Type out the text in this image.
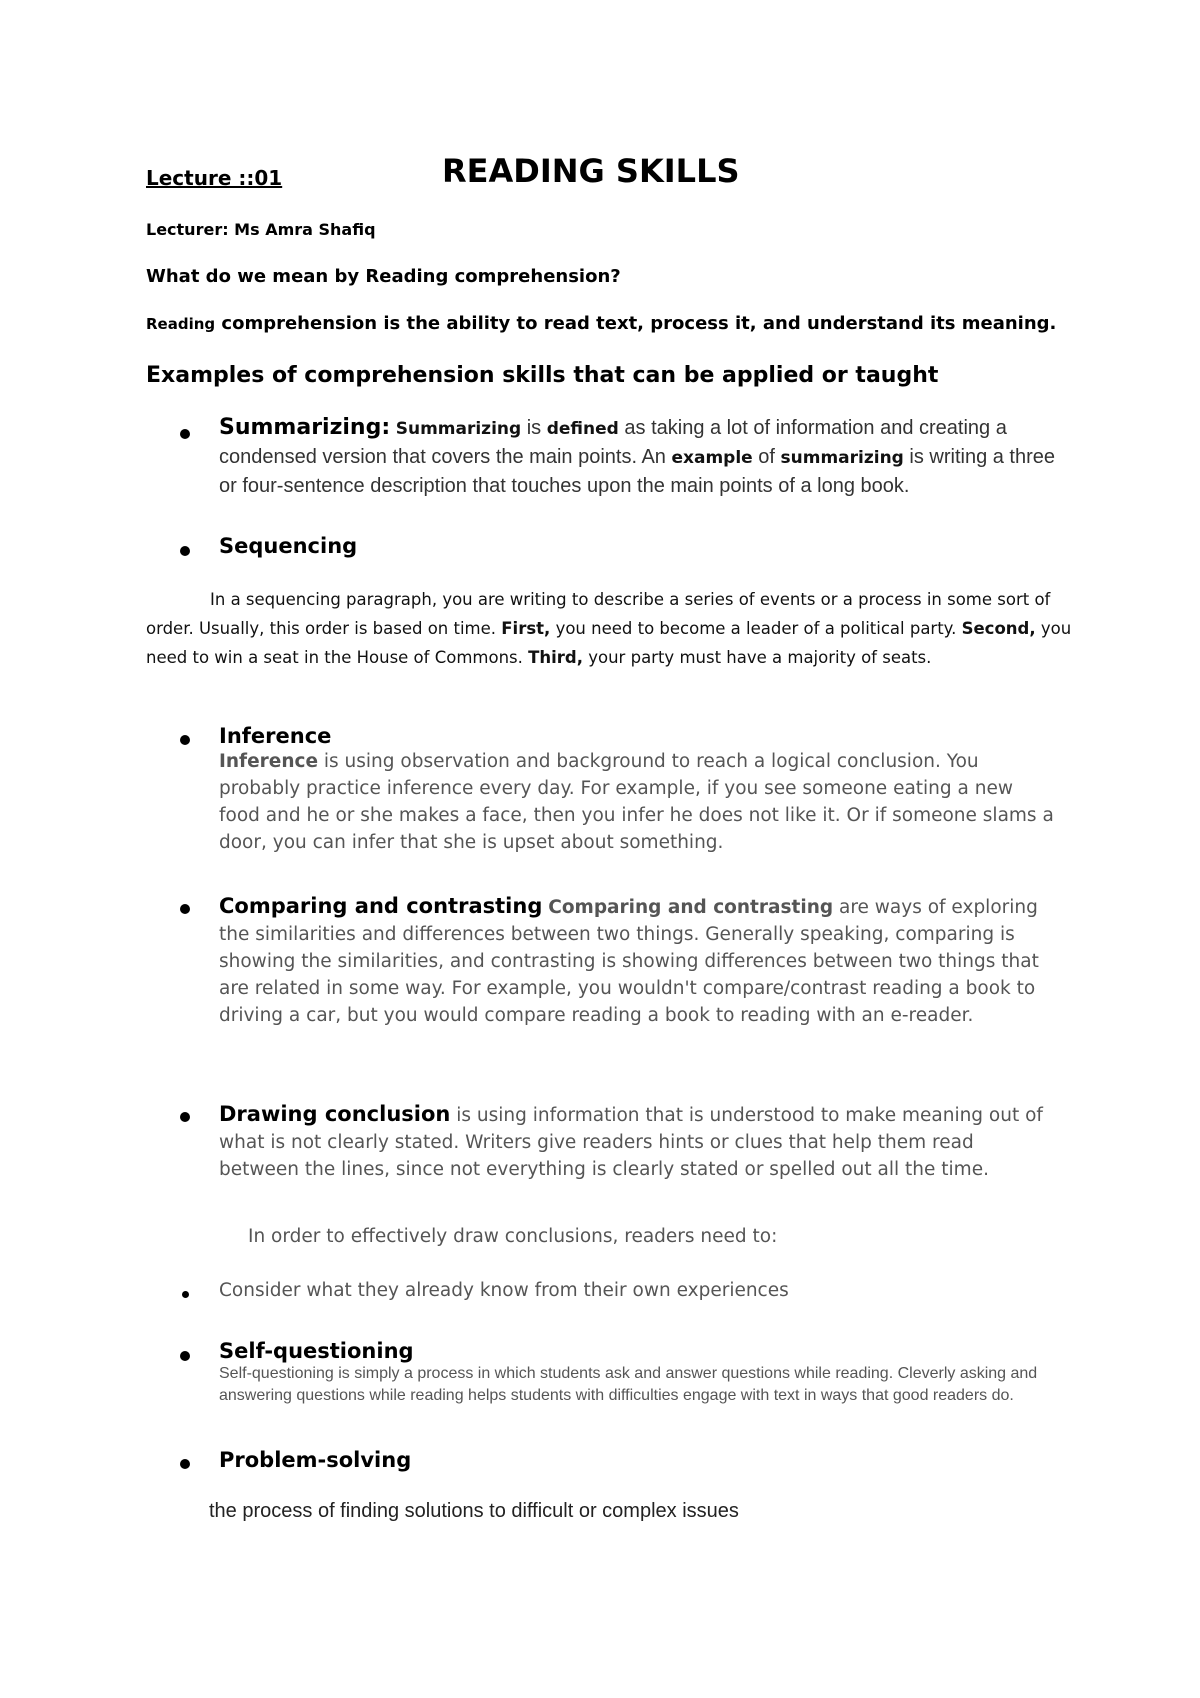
Lecture ::01	READING SKILLS
Lecturer: Ms Amra Shafiq
What do we mean by Reading comprehension?
Reading comprehension is the ability to read text, process it, and understand its meaning.
Examples of comprehension skills that can be applied or taught

Summarizing: Summarizing is defined as taking a lot of information and creating a condensed version that covers the main points. An example of summarizing is writing a three or four-sentence description that touches upon the main points of a long book.

Sequencing
In a sequencing paragraph, you are writing to describe a series of events or a process in some sort of order. Usually, this order is based on time. First, you need to become a leader of a political party. Second, you need to win a seat in the House of Commons. Third, your party must have a majority of seats.
Inference

Inference is using observation and background to reach a logical conclusion. You probably practice inference every day. For example, if you see someone eating a new food and he or she makes a face, then you infer he does not like it. Or if someone slams a door, you can infer that she is upset about something.

Comparing and contrasting Comparing and contrasting are ways of exploring the similarities and differences between two things. Generally speaking, comparing is showing the similarities, and contrasting is showing differences between two things that are related in some way. For example, you wouldn't compare/contrast reading a book to driving a car, but you would compare reading a book to reading with an e-reader.

Drawing conclusion is using information that is understood to make meaning out of what is not clearly stated. Writers give readers hints or clues that help them read between the lines, since not everything is clearly stated or spelled out all the time.

In order to effectively draw conclusions, readers need to:
Consider what they already know from their own experiences
Self-questioning

Self-questioning is simply a process in which students ask and answer questions while reading. Cleverly asking and answering questions while reading helps students with difficulties engage with text in ways that good readers do.

Problem-solving
the process of finding solutions to difficult or complex issues
